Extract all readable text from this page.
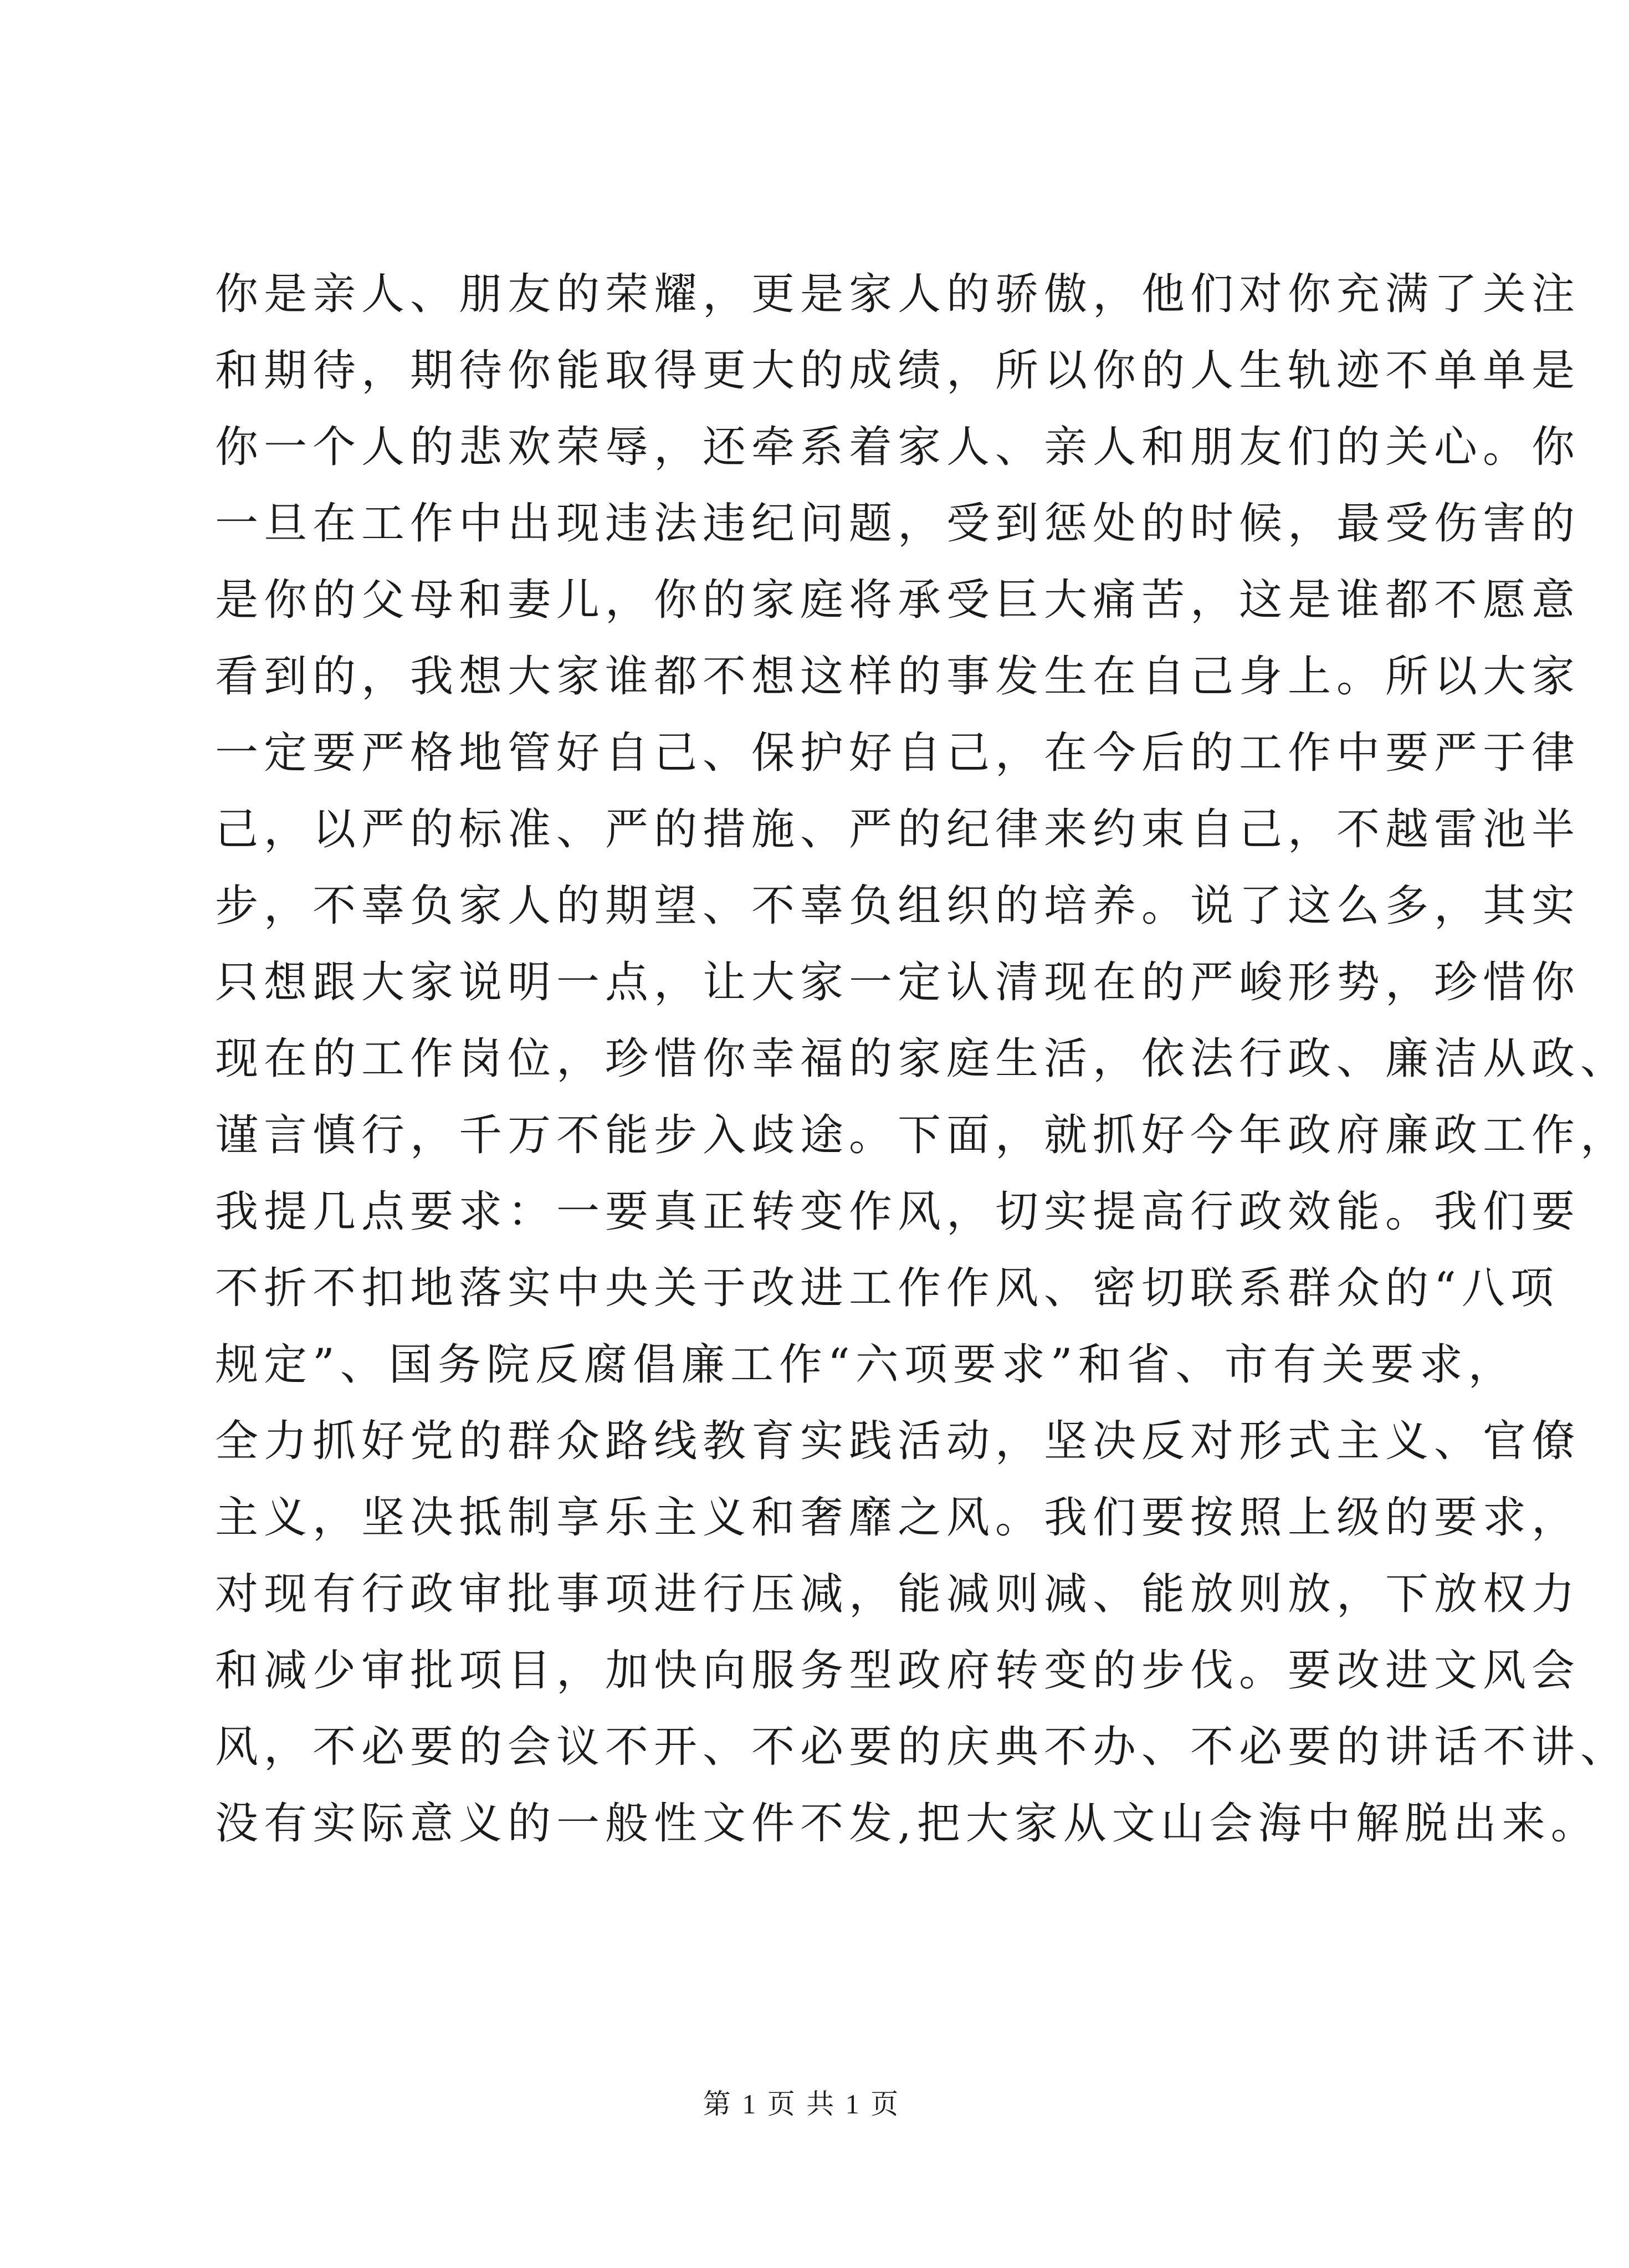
你是亲人、朋友的荣耀，更是家人的骄傲，他们对你充满了关注
和期待，期待你能取得更大的成绩，所以你的人生轨迹不单单是
你一个人的悲欢荣辱，还牵系着家人、亲人和朋友们的关心。你
一旦在工作中出现违法违纪问题，受到惩处的时候，最受伤害的
是你的父母和妻儿，你的家庭将承受巨大痛苦，这是谁都不愿意
看到的，我想大家谁都不想这样的事发生在自己身上。所以大家
一定要严格地管好自己、保护好自己，在今后的工作中要严于律
己，以严的标准、严的措施、严的纪律来约束自己，不越雷池半
步，不辜负家人的期望、不辜负组织的培养。说了这么多，其实
只想跟大家说明一点，让大家一定认清现在的严峻形势，珍惜你
现在的工作岗位，珍惜你幸福的家庭生活，依法行政、廉洁从政、
谨言慎行，千万不能步入歧途。下面，就抓好今年政府廉政工作，
我提几点要求：一要真正转变作风，切实提高行政效能。我们要
不折不扣地落实中央关于改进工作作风、密切联系群众的“八项
规定”、国务院反腐倡廉工作“六项要求”和省、市有关要求，
全力抓好党的群众路线教育实践活动，坚决反对形式主义、官僚
主义，坚决抵制享乐主义和奢靡之风。我们要按照上级的要求，
对现有行政审批事项进行压减，能减则减、能放则放，下放权力
和减少审批项目，加快向服务型政府转变的步伐。要改进文风会
风，不必要的会议不开、不必要的庆典不办、不必要的讲话不讲、
没有实际意义的一般性文件不发,把大家从文山会海中解脱出来。
第 1 页 共 1 页
